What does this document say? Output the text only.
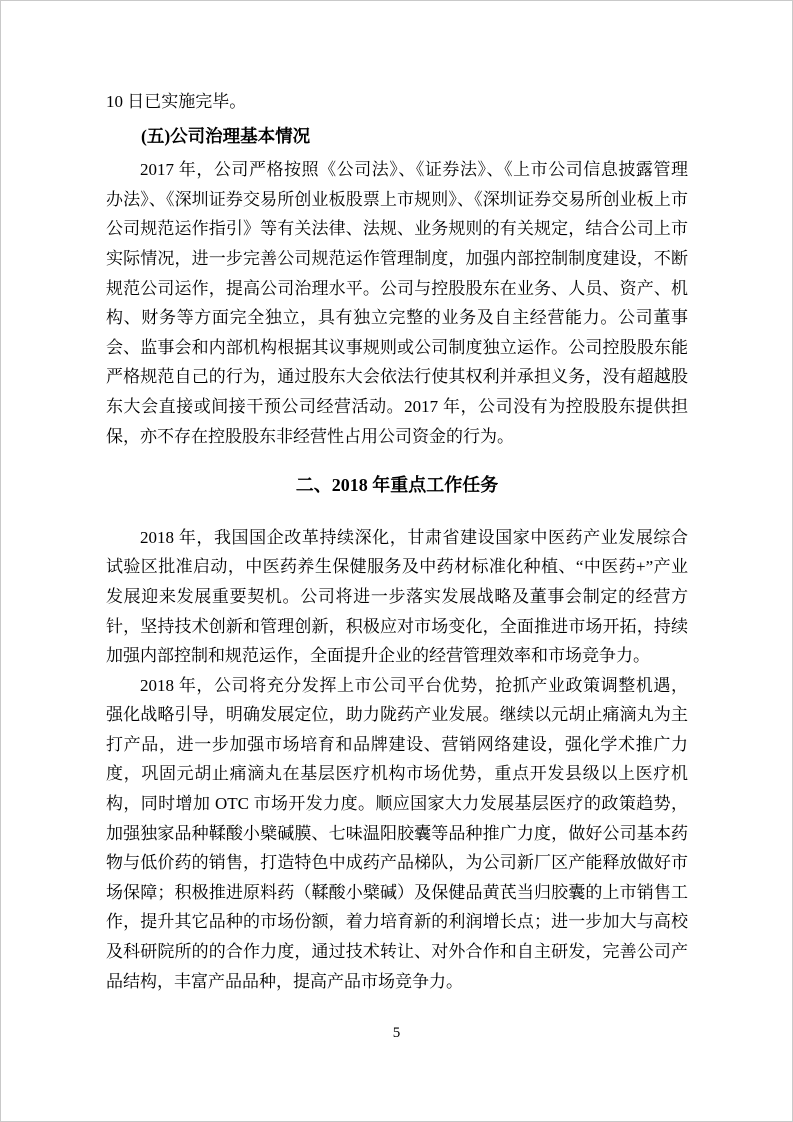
10 日已实施完毕。

(五)公司治理基本情况

2017 年，公司严格按照《公司法》、《证券法》、《上市公司信息披露管理办法》、《深圳证券交易所创业板股票上市规则》、《深圳证券交易所创业板上市公司规范运作指引》等有关法律、法规、业务规则的有关规定，结合公司上市实际情况，进一步完善公司规范运作管理制度，加强内部控制制度建设，不断规范公司运作，提高公司治理水平。公司与控股股东在业务、人员、资产、机构、财务等方面完全独立，具有独立完整的业务及自主经营能力。公司董事会、监事会和内部机构根据其议事规则或公司制度独立运作。公司控股股东能严格规范自己的行为，通过股东大会依法行使其权利并承担义务，没有超越股东大会直接或间接干预公司经营活动。2017 年，公司没有为控股股东提供担保，亦不存在控股股东非经营性占用公司资金的行为。

二、2018 年重点工作任务

2018 年，我国国企改革持续深化，甘肃省建设国家中医药产业发展综合试验区批准启动，中医药养生保健服务及中药材标准化种植、“中医药+”产业发展迎来发展重要契机。公司将进一步落实发展战略及董事会制定的经营方针，坚持技术创新和管理创新，积极应对市场变化，全面推进市场开拓，持续加强内部控制和规范运作，全面提升企业的经营管理效率和市场竞争力。

2018 年，公司将充分发挥上市公司平台优势，抢抓产业政策调整机遇，强化战略引导，明确发展定位，助力陇药产业发展。继续以元胡止痛滴丸为主打产品，进一步加强市场培育和品牌建设、营销网络建设，强化学术推广力度，巩固元胡止痛滴丸在基层医疗机构市场优势，重点开发县级以上医疗机构，同时增加 OTC 市场开发力度。顺应国家大力发展基层医疗的政策趋势，加强独家品种鞣酸小檗碱膜、七味温阳胶囊等品种推广力度，做好公司基本药物与低价药的销售，打造特色中成药产品梯队，为公司新厂区产能释放做好市场保障；积极推进原料药（鞣酸小檗碱）及保健品黄芪当归胶囊的上市销售工作，提升其它品种的市场份额，着力培育新的利润增长点；进一步加大与高校及科研院所的的合作力度，通过技术转让、对外合作和自主研发，完善公司产品结构，丰富产品品种，提高产品市场竞争力。

5
